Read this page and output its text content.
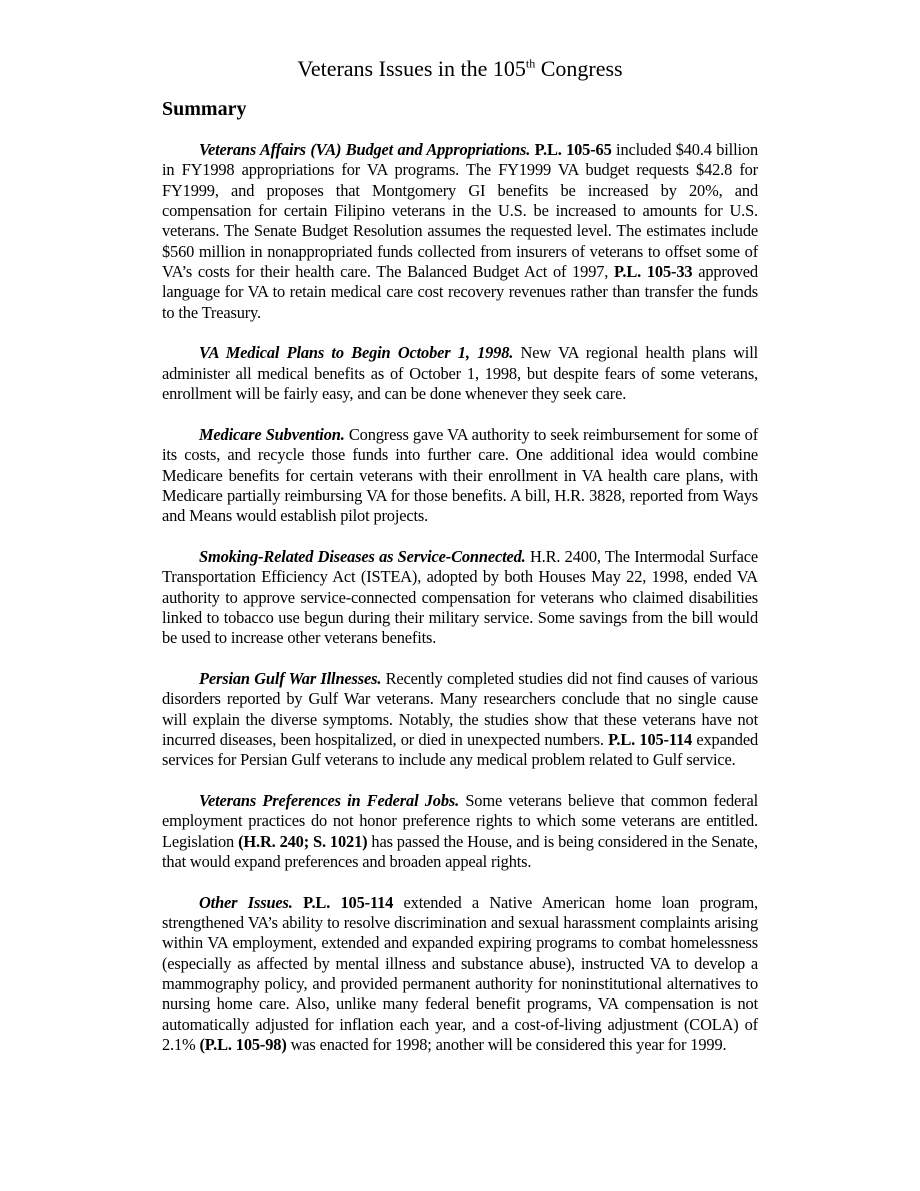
Veterans Issues in the 105th Congress
Summary

Veterans Affairs (VA) Budget and Appropriations. P.L. 105-65 included $40.4 billion in FY1998 appropriations for VA programs. The FY1999 VA budget requests $42.8 for FY1999, and proposes that Montgomery GI benefits be increased by 20%, and compensation for certain Filipino veterans in the U.S. be increased to amounts for U.S. veterans. The Senate Budget Resolution assumes the requested level. The estimates include $560 million in nonappropriated funds collected from insurers of veterans to offset some of VA’s costs for their health care. The Balanced Budget Act of 1997, P.L. 105-33 approved language for VA to retain medical care cost recovery revenues rather than transfer the funds to the Treasury.

VA Medical Plans to Begin October 1, 1998. New VA regional health plans will administer all medical benefits as of October 1, 1998, but despite fears of some veterans, enrollment will be fairly easy, and can be done whenever they seek care.

Medicare Subvention. Congress gave VA authority to seek reimbursement for some of its costs, and recycle those funds into further care. One additional idea would combine Medicare benefits for certain veterans with their enrollment in VA health care plans, with Medicare partially reimbursing VA for those benefits. A bill, H.R. 3828, reported from Ways and Means would establish pilot projects.

Smoking-Related Diseases as Service-Connected. H.R. 2400, The Intermodal Surface Transportation Efficiency Act (ISTEA), adopted by both Houses May 22, 1998, ended VA authority to approve service-connected compensation for veterans who claimed disabilities linked to tobacco use begun during their military service. Some savings from the bill would be used to increase other veterans benefits.

Persian Gulf War Illnesses. Recently completed studies did not find causes of various disorders reported by Gulf War veterans. Many researchers conclude that no single cause will explain the diverse symptoms. Notably, the studies show that these veterans have not incurred diseases, been hospitalized, or died in unexpected numbers. P.L. 105-114 expanded services for Persian Gulf veterans to include any medical problem related to Gulf service.

Veterans Preferences in Federal Jobs. Some veterans believe that common federal employment practices do not honor preference rights to which some veterans are entitled. Legislation (H.R. 240; S. 1021) has passed the House, and is being considered in the Senate, that would expand preferences and broaden appeal rights.

Other Issues. P.L. 105-114 extended a Native American home loan program, strengthened VA’s ability to resolve discrimination and sexual harassment complaints arising within VA employment, extended and expanded expiring programs to combat homelessness (especially as affected by mental illness and substance abuse), instructed VA to develop a mammography policy, and provided permanent authority for noninstitutional alternatives to nursing home care. Also, unlike many federal benefit programs, VA compensation is not automatically adjusted for inflation each year, and a cost-of-living adjustment (COLA) of 2.1% (P.L. 105-98) was enacted for 1998; another will be considered this year for 1999.
